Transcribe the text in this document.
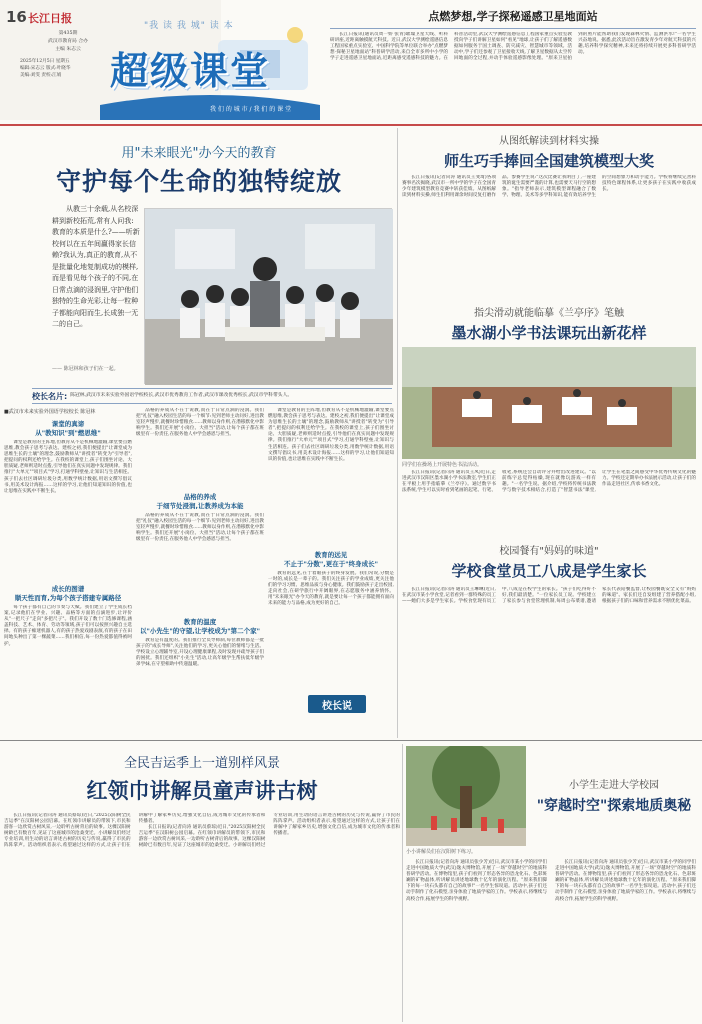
16 长江日报
第435期
武汉市教育局 合办
主编 朱志云
2025年12月5日 星期五
编辑:宋志云 版式:叶晓华
美编:刘雯 责校:江娟
"我 读 我 城" 读 本
超级课堂
我 们 的 城 市 / 我 们 的 课 堂
点燃梦想,学子探秘遥感卫星地面站

长江日报讯(通讯员周一娇 张青)璀璨卫星天线、听科研讲座,近距离触摸航天科技。近日,武汉大学测绘遥感信息工程国家重点实验室、中国科学院等单位联合举办"点燃梦想·探秘卫星地面站"科普研学活动,来自全市多所中小学的学子走进遥感卫星地面站,近距离感受遥感科技的魅力。在科普活动里,武汉大学测绘遥感信息工程国家重点实验室教授向学子们讲解卫星如何"看见"地球,让孩子们了解遥感数据如何服务于国土调查、防灾减灾、智慧城市等领域。活动中,学子们还参观了卫星接收天线,了解卫星数据从太空传回地面的全过程,并动手体验遥感影像处理。"原来卫星拍到的照片能帮助我们发现森林火情、监测洪水!"一名学生兴奋地说。据悉,此次活动旨在激发青少年对航天科技的兴趣,培养科学探究精神,未来还将持续开展更多科普研学活动。

用"未来眼光"办今天的教育
守护每个生命的独特绽放
从教三十余载,从名校深耕到新校拓荒,常有人问我:教育的本质是什么?——听新校何以在五年间赢得家长信赖?我认为,真正的教育,从不是批量化地复制成功的模样,而是看见每个孩子的不同,在日常点滴的浸润里,守护他们独特的生命光彩,让每一粒种子都能向阳而生,长成独一无二的自己。
—— 陈冠林和孩子们在一起。
校长名片: 陈冠林,武汉市未来实验外国语学校校长,武汉市优秀教育工作者,武汉市课改优秀校长,武汉市学科带头人。
■武汉市未来实验外国语学校校长 陈冠林
课堂的真谛
从"教知识"到"燃思维"

课堂是教育的主阵地,但教育从不是机械地灌输,课堂要点燃思维,教会孩子思考与表达。建校之初,我们便提出"让课堂成为思维生长的土壤"的理念,鼓励教师从"讲授者"转变为"引导者",把提问的权利还给学生。在我校的课堂上,孩子们围坐讨论、大胆质疑,老师则适时点拨,引导他们在真实问题中发现规律。我们推行"大单元""项目式"学习,打通学科壁垒,让知识与生活相连。孩子们去社区调研垃圾分类,用数学统计数据,用语文撰写倡议书,用美术设计海报……这样的学习,让他们知道知识的价值,也让思维在实践中不断生长。

成长的图谱
顺天性而育,为每个孩子搭建专属路径

每个孩子都有自己的节奏与天赋。我们建立了学生成长档案,记录他们在学业、兴趣、品格等方面的点滴进步,让评价从"一把尺子"走向"多把尺子"。我们开设了数十门选修课程,涵盖科技、艺术、体育、劳动等领域,孩子们可以按照兴趣自主选择。有的孩子痴迷机器人,有的孩子热爱戏剧表演,有的孩子在田间地头种出了第一棵蔬菜……我们相信,每一份热爱都值得被呵护。

品格的养成从不在于说教,而在于日常点滴的浸润。我们把"礼仪"融入校园生活的每一个细节:见到老师主动问好,进出教室轻声慢步,就餐时珍惜粮食……教师以身作则,在潜移默化中影响学生。我们还开展"小岗位、大担当"活动,让每个孩子都在班级里有一份责任,在服务他人中学会感恩与担当。

品格的养成
于细节处浸润,让教养成为本能

品格的养成从不在于说教,而在于日常点滴的浸润。我们把"礼仪"融入校园生活的每一个细节:见到老师主动问好,进出教室轻声慢步,就餐时珍惜粮食……教师以身作则,在潜移默化中影响学生。我们还开展"小岗位、大担当"活动,让每个孩子都在班级里有一份责任,在服务他人中学会感恩与担当。

教育的温度
以"小先生"的守望,让学校成为"第二个家"

教育是有温度的。我们推行全员导师制,每位教师都是一批孩子的"成长导师",关注他们的学习,更关心他们的情绪与生活。学校设立心理辅导室,开设心理健康课程,及时发现并疏导孩子们的困扰。我们还组织"小先生"活动,让高年级学生帮扶低年级学弟学妹,在守望相助中传递温暖。

课堂是教育的主阵地,但教育从不是机械地灌输,课堂要点燃思维,教会孩子思考与表达。建校之初,我们便提出"让课堂成为思维生长的土壤"的理念,鼓励教师从"讲授者"转变为"引导者",把提问的权利还给学生。在我校的课堂上,孩子们围坐讨论、大胆质疑,老师则适时点拨,引导他们在真实问题中发现规律。我们推行"大单元""项目式"学习,打通学科壁垒,让知识与生活相连。孩子们去社区调研垃圾分类,用数学统计数据,用语文撰写倡议书,用美术设计海报……这样的学习,让他们知道知识的价值,也让思维在实践中不断生长。

教育的远见
不止于"分数",更在于"终身成长"

教育的远见,在于着眼孩子的终身发展。我们常说,分数是一时的,成长是一辈子的。我们关注孩子的学业成绩,更关注他们的学习习惯、思维品质与身心健康。我们鼓励孩子走出校园,走向社会,在研学旅行中开阔眼界,在志愿服务中涵养情怀。用"未来眼光"办今天的教育,就是要让每一个孩子都能拥有面向未来的能力与品格,成为更好的自己。

校长说
从图纸解读到材料实操
师生巧手捧回全国建筑模型大奖

长江日报讯(记者向涛 通讯员王斐琦)各项赛事名次揭晓,武汉市一所中学的学子在全国青少年建筑模型教育竞赛中斩获佳绩。从图纸解读到材料实操,师生们利用课余时间反复打磨作品。参赛学生说:"这次比赛让我明白了,一座建筑的诞生需要严谨的计算,也需要天马行空的想象。"指导老师表示,建筑模型课程融合了数学、物理、美术等多学科知识,能有效培养学生的空间想象力和动手能力。学校将继续完善科技特色课程体系,让更多孩子在实践中收获成长。

指尖滑动就能临摹《兰亭序》笔触
墨水湖小学书法课玩出新花样
同学们在操场上开展特色书法活动。

长江日报讯(记者向涛 通讯员王凤)近日,走进武汉市汉阳区墨水湖小学书法教室,学生们正在平板上用手指临摹《兰亭序》。通过数字书法系统,学生可以实时看到笔画的起笔、行笔、收笔,系统还会自动评分并给出改进建议。"以前练字总觉得枯燥,现在就像玩游戏一样有趣。"一名学生说。据介绍,学校将传统书法教学与数字技术相结合,打造了"智慧书法"课堂,让学生在笔墨之间感受中华优秀传统文化的魅力。学校还定期举办书法展示活动,让孩子们的作品走进社区,传承书香文化。

校园餐有"妈妈的味道"
学校食堂员工八成是学生家长

长江日报讯(记者向涛 通讯员王琳琳)近日,在武汉市某小学食堂,记者看到一群特殊的员工——她们大多是学生家长。学校食堂现有员工中,八成是在校学生的家长。"孩子们吃得好不好,我们最清楚。"一位家长员工说。学校建立了家长参与食堂管理机制,每周公布菜谱,邀请家长代表陪餐监督,让校园餐既安全又有"妈妈的味道"。家长们还自发组建了营养搭配小组,根据孩子们的口味和营养需求不断优化菜品。

全民吉运季上一道别样风景
红领巾讲解员童声讲古树

长江日报讯(记者向涛 通讯员蔡琼)近日,"2025汉阳树全民吉运季"在汉阳树公园启幕。在红领巾讲解员的带领下,市民和游客一边欣赏古树风采,一边聆听古树背后的故事。这棵汉阳树树龄已有数百年,见证了这座城市的沧桑变迁。小讲解员们经过专业培训,用生动的语言讲述古树的历史与传说,赢得了市民的阵阵掌声。活动组织者表示,希望通过这样的方式,让孩子们在讲解中了解家乡历史,增强文化自信,成为城市文化的传承者和传播者。

长江日报讯(记者向涛 通讯员蔡琼)近日,"2025汉阳树全民吉运季"在汉阳树公园启幕。在红领巾讲解员的带领下,市民和游客一边欣赏古树风采,一边聆听古树背后的故事。这棵汉阳树树龄已有数百年,见证了这座城市的沧桑变迁。小讲解员们经过专业培训,用生动的语言讲述古树的历史与传说,赢得了市民的阵阵掌声。活动组织者表示,希望通过这样的方式,让孩子们在讲解中了解家乡历史,增强文化自信,成为城市文化的传承者和传播者。

小小讲解员们在汉阳树下练习。
小学生走进大学校园
"穿越时空"探索地质奥秘

长江日报讯(记者向涛 通讯员张少芳)近日,武汉市某小学的同学们走进中国地质大学(武汉)逸夫博物馆,开展了一场"穿越时空"的地质科普研学活动。在博物馆里,孩子们看到了形态各异的恐龙化石、色彩斑斓的矿物晶体,听讲解员讲述地球数十亿年的演化历程。"原来我们脚下的每一块石头都有自己的故事!"一名学生惊叹道。活动中,孩子们还动手制作了化石模型,亲身体验了地质学家的工作。学校表示,将继续与高校合作,拓展学生的科学视野。

长江日报讯(记者向涛 通讯员张少芳)近日,武汉市某小学的同学们走进中国地质大学(武汉)逸夫博物馆,开展了一场"穿越时空"的地质科普研学活动。在博物馆里,孩子们看到了形态各异的恐龙化石、色彩斑斓的矿物晶体,听讲解员讲述地球数十亿年的演化历程。"原来我们脚下的每一块石头都有自己的故事!"一名学生惊叹道。活动中,孩子们还动手制作了化石模型,亲身体验了地质学家的工作。学校表示,将继续与高校合作,拓展学生的科学视野。
